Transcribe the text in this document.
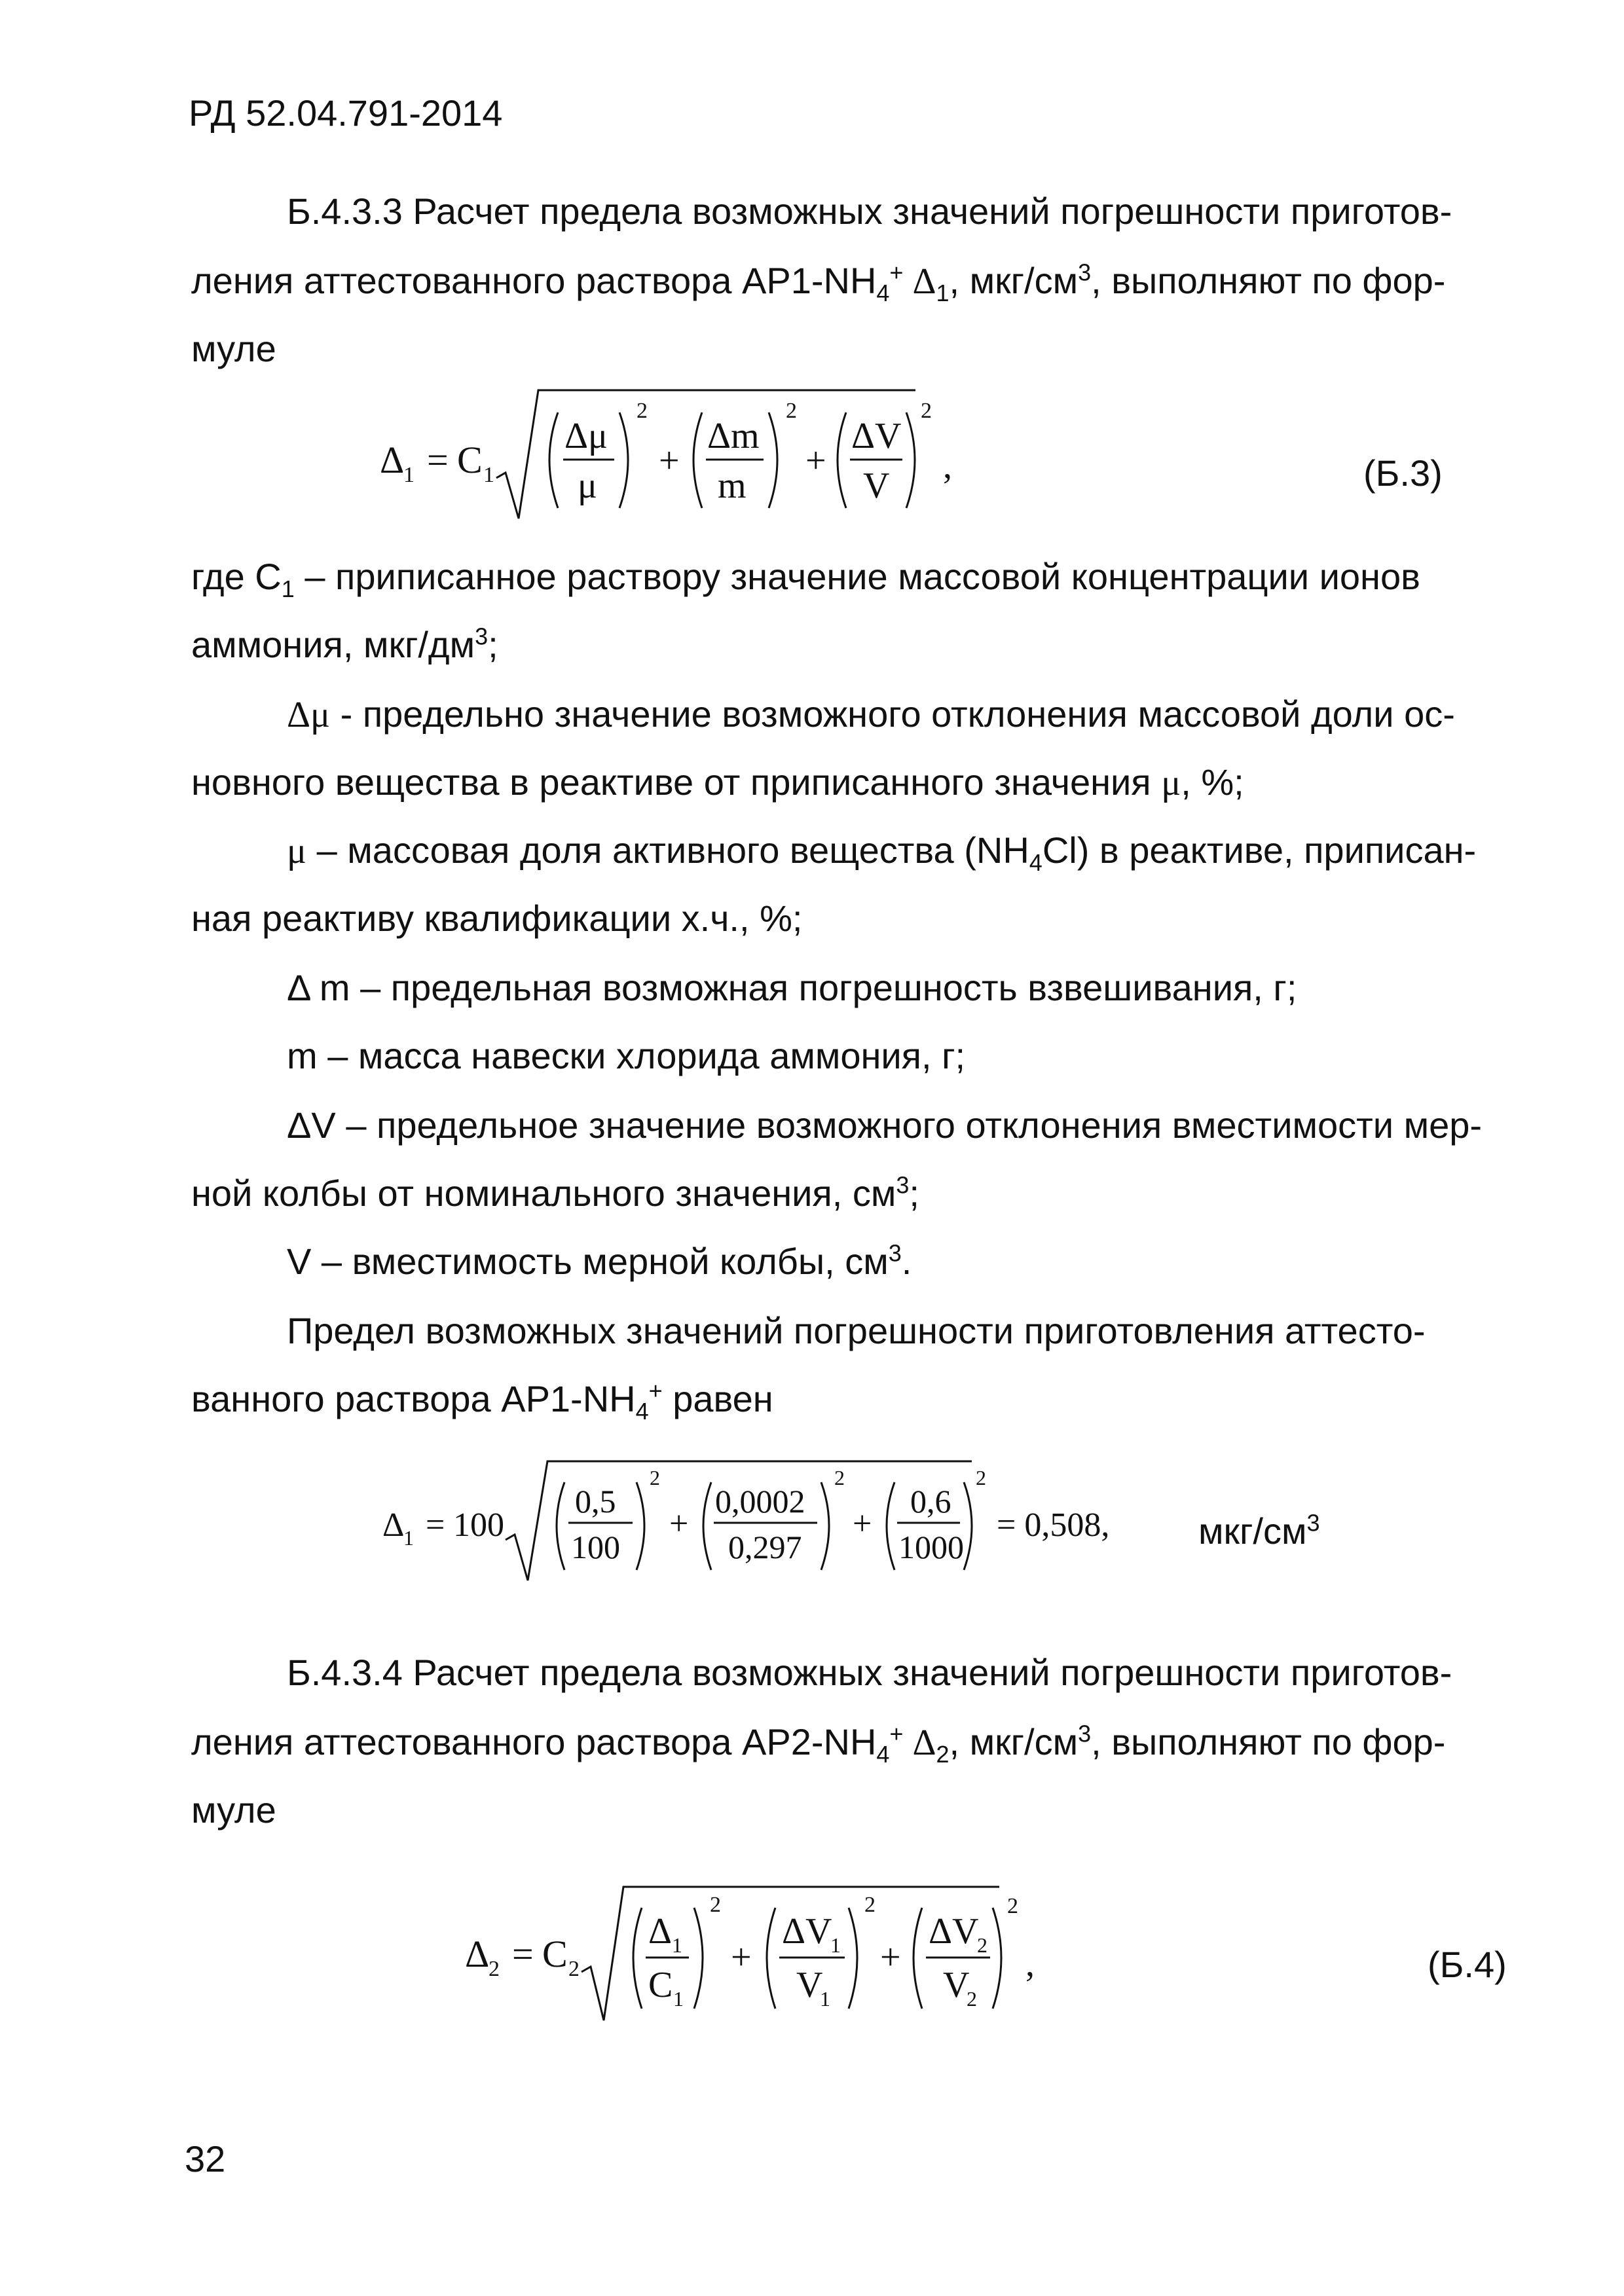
РД 52.04.791-2014
Б.4.3.3 Расчет предела возможных значений погрешности приготов-
ления аттестованного раствора $АР1-NH_4^+$ $\Delta_1$, мкг/$см^3$, выполняют по фор-
муле
Δ
1 = C 1
Δμ
μ
2
+
Δm
m
2
+
ΔV
V
2
,	(Б.3)
где $C_1$ – приписанное раствору значение массовой концентрации ионов
аммония, мкг/$дм^3$;
Δμ - предельно значение возможного отклонения массовой доли ос-
новного вещества в реактиве от приписанного значения μ, %;
μ – массовая доля активного вещества $(NH_4Cl)$ в реактиве, приписан-
ная реактиву квалификации х.ч., %;
Δ m – предельная возможная погрешность взвешивания, г;
m – масса навески хлорида аммония, г;
ΔV – предельное значение возможного отклонения вместимости мер-
ной колбы от номинального значения, $см^3$;
V – вместимость мерной колбы, $см^3$.
Предел возможных значений погрешности приготовления аттесто-
ванного раствора $АР1-NH_4^+$ равен
Δ
1 = 100
0,5
100
2
+
0,0002
0,297
2
+
0,6
1000
2
= 0,508, мкг/$см^3$
Б.4.3.4 Расчет предела возможных значений погрешности приготов-
ления аттестованного раствора $АР2-NH_4^+$ $\Delta_2$, мкг/$см^3$, выполняют по фор-
муле
Δ
2 = C 2
Δ 1
C 1
2
+
ΔV
1
V
1
2
+
ΔV
2
V
2
2
,	(Б.4)
32
